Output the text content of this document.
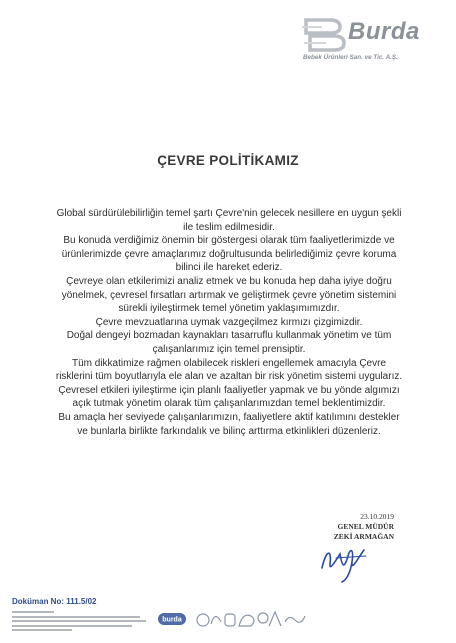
Burda
Bebek Ürünleri San. ve Tic. A.Ş.
ÇEVRE POLİTİKAMIZ

Global sürdürülebilirliğin temel şartı Çevre'nin gelecek nesillere en uygun şekli ile teslim edilmesidir.

Bu konuda verdiğimiz önemin bir göstergesi olarak tüm faaliyetlerimizde ve ürünlerimizde çevre amaçlarımız doğrultusunda belirlediğimiz çevre koruma bilinci ile hareket ederiz.

Çevreye olan etkilerimizi analiz etmek ve bu konuda hep daha iyiye doğru yönelmek, çevresel fırsatları artırmak ve geliştirmek çevre yönetim sistemini sürekli iyileştirmek temel yönetim yaklaşımımızdır.

Çevre mevzuatlarına uymak vazgeçilmez kırmızı çizgimizdir.

Doğal dengeyi bozmadan kaynakları tasarruflu kullanmak yönetim ve tüm çalışanlarımız için temel prensiptir.

Tüm dikkatimize rağmen olabilecek riskleri engellemek amacıyla Çevre risklerini tüm boyutlarıyla ele alan ve azaltan bir risk yönetim sistemi uygularız.

Çevresel etkileri iyileştirme için planlı faaliyetler yapmak ve bu yönde algımızı açık tutmak yönetim olarak tüm çalışanlarımızdan temel beklentimizdir.

Bu amaçla her seviyede çalışanlarımızın, faaliyetlere aktif katılımını destekler ve bunlarla birlikte farkındalık ve bilinç arttırma etkinlikleri düzenleriz.

23.10.2019
GENEL MÜDÜR
ZEKİ ARMAĞAN
Doküman No: 111.5/02
burda
